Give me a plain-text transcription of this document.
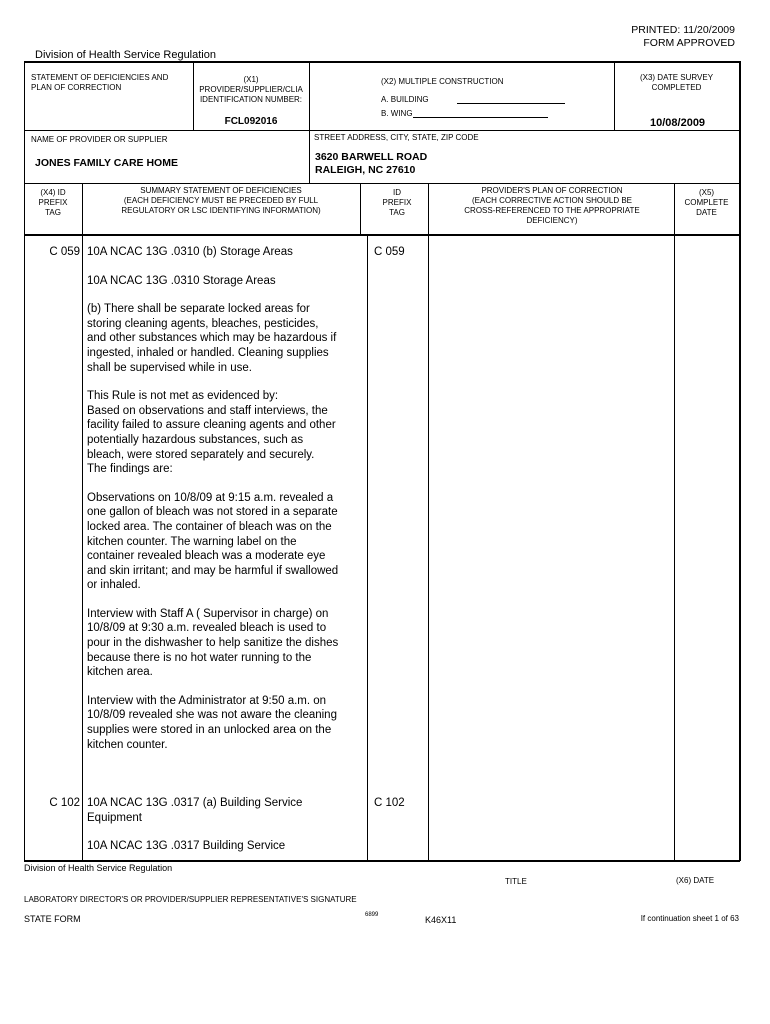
PRINTED: 11/20/2009
FORM APPROVED
Division of Health Service Regulation
STATEMENT OF DEFICIENCIES AND PLAN OF CORRECTION
(X1) PROVIDER/SUPPLIER/CLIA
IDENTIFICATION NUMBER:
FCL092016
(X2) MULTIPLE CONSTRUCTION
A. BUILDING
B. WING
(X3) DATE SURVEY
COMPLETED
10/08/2009
NAME OF PROVIDER OR SUPPLIER
JONES FAMILY CARE HOME
STREET ADDRESS, CITY, STATE, ZIP CODE
3620 BARWELL ROAD
RALEIGH, NC 27610
(X4) ID
PREFIX
TAG
SUMMARY STATEMENT OF DEFICIENCIES
(EACH DEFICIENCY MUST BE PRECEDED BY FULL
REGULATORY OR LSC IDENTIFYING INFORMATION)
ID
PREFIX
TAG
PROVIDER'S PLAN OF CORRECTION
(EACH CORRECTIVE ACTION SHOULD BE
CROSS-REFERENCED TO THE APPROPRIATE
DEFICIENCY)
(X5)
COMPLETE
DATE
C 059	C 059

10A NCAC 13G .0310 (b) Storage Areas

10A NCAC 13G .0310 Storage Areas

(b) There shall be separate locked areas for storing cleaning agents, bleaches, pesticides, and other substances which may be hazardous if ingested, inhaled or handled. Cleaning supplies shall be supervised while in use.

This Rule is not met as evidenced by:
Based on observations and staff interviews, the facility failed to assure cleaning agents and other potentially hazardous substances, such as bleach, were stored separately and securely.
The findings are:

Observations on 10/8/09 at 9:15 a.m. revealed a one gallon of bleach was not stored in a separate locked area. The container of bleach was on the kitchen counter. The warning label on the container revealed bleach was a moderate eye and skin irritant; and may be harmful if swallowed or inhaled.

Interview with Staff A ( Supervisor in charge) on 10/8/09 at 9:30 a.m. revealed bleach is used to pour in the dishwasher to help sanitize the dishes because there is no hot water running to the kitchen area.

Interview with the Administrator at 9:50 a.m. on 10/8/09 revealed she was not aware the cleaning supplies were stored in an unlocked area on the kitchen counter.

C 102	C 102

10A NCAC 13G .0317 (a) Building Service Equipment

10A NCAC 13G .0317 Building Service

Division of Health Service Regulation
TITLE	(X6) DATE
LABORATORY DIRECTOR'S OR PROVIDER/SUPPLIER REPRESENTATIVE'S SIGNATURE
STATE FORM	6899	K46X11	If continuation sheet 1 of 63
